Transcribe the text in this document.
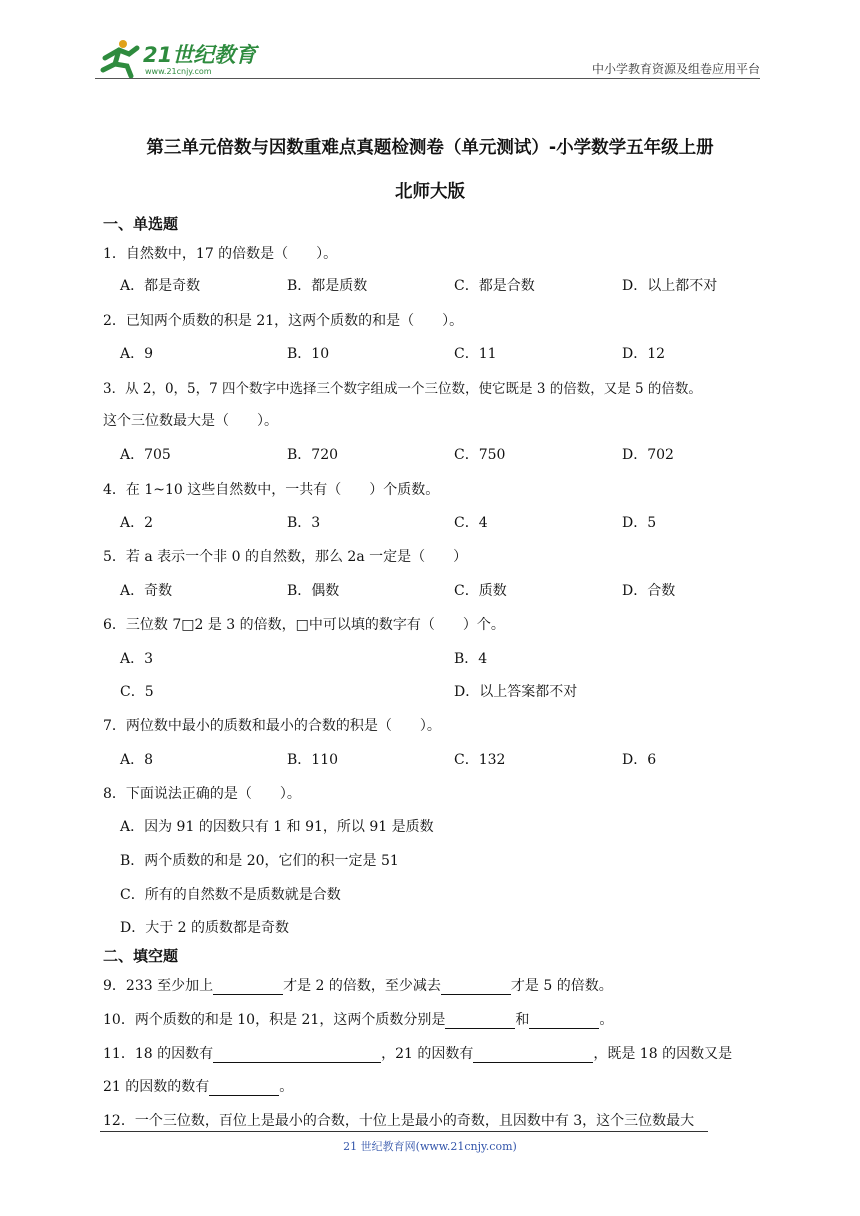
21世纪教育
www.21cnjy.com	中小学教育资源及组卷应用平台
第三单元倍数与因数重难点真题检测卷（单元测试）-小学数学五年级上册
北师大版
一、单选题
1．自然数中，17 的倍数是（　　）。
A．都是奇数	B．都是质数	C．都是合数	D．以上都不对
2．已知两个质数的积是 21，这两个质数的和是（　　）。
A．9	B．10	C．11	D．12
3．从 2，0，5，7 四个数字中选择三个数字组成一个三位数，使它既是 3 的倍数，又是 5 的倍数。
这个三位数最大是（　　）。
A．705	B．720	C．750	D．702
4．在 1~10 这些自然数中，一共有（　　）个质数。
A．2	B．3	C．4	D．5
5．若 a 表示一个非 0 的自然数，那么 2a 一定是（　　）
A．奇数	B．偶数	C．质数	D．合数
6．三位数 7□2 是 3 的倍数，□中可以填的数字有（　　）个。
A．3	B．4
C．5	D．以上答案都不对
7．两位数中最小的质数和最小的合数的积是（　　）。
A．8	B．110	C．132	D．6
8．下面说法正确的是（　　）。
A．因为 91 的因数只有 1 和 91，所以 91 是质数
B．两个质数的和是 20，它们的积一定是 51
C．所有的自然数不是质数就是合数
D．大于 2 的质数都是奇数
二、填空题
9．233 至少加上	才是 2 的倍数，至少减去	才是 5 的倍数。
10．两个质数的和是 10，积是 21，这两个质数分别是	和	。
11．18 的因数有	，21 的因数有	，既是 18 的因数又是
21 的因数的数有	。
12．一个三位数，百位上是最小的合数，十位上是最小的奇数，且因数中有 3，这个三位数最大
21 世纪教育网(www.21cnjy.com)
